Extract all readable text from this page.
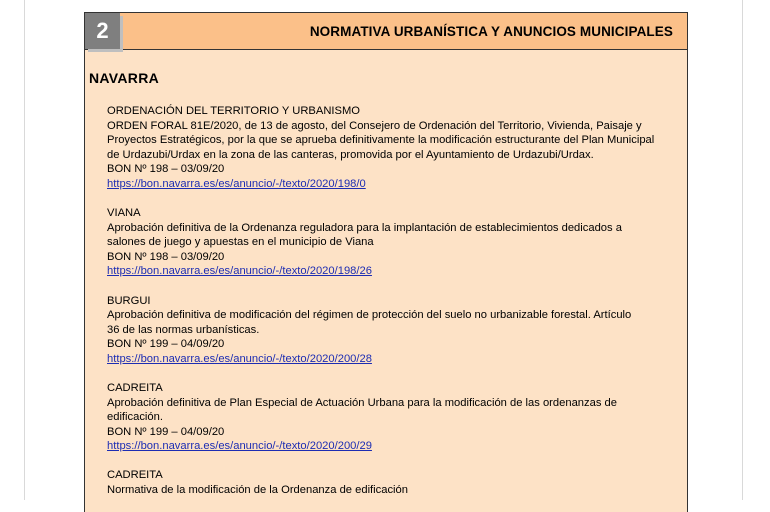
2	NORMATIVA URBANÍSTICA Y ANUNCIOS MUNICIPALES
NAVARRA
ORDENACIÓN DEL TERRITORIO Y URBANISMO
ORDEN FORAL 81E/2020, de 13 de agosto, del Consejero de Ordenación del Territorio, Vivienda, Paisaje y
Proyectos Estratégicos, por la que se aprueba definitivamente la modificación estructurante del Plan Municipal
de Urdazubi/Urdax en la zona de las canteras, promovida por el Ayuntamiento de Urdazubi/Urdax.
BON Nº 198 – 03/09/20
https://bon.navarra.es/es/anuncio/-/texto/2020/198/0
VIANA
Aprobación definitiva de la Ordenanza reguladora para la implantación de establecimientos dedicados a
salones de juego y apuestas en el municipio de Viana
BON Nº 198 – 03/09/20
https://bon.navarra.es/es/anuncio/-/texto/2020/198/26
BURGUI
Aprobación definitiva de modificación del régimen de protección del suelo no urbanizable forestal. Artículo
36 de las normas urbanísticas.
BON Nº 199 – 04/09/20
https://bon.navarra.es/es/anuncio/-/texto/2020/200/28
CADREITA
Aprobación definitiva de Plan Especial de Actuación Urbana para la modificación de las ordenanzas de
edificación.
BON Nº 199 – 04/09/20
https://bon.navarra.es/es/anuncio/-/texto/2020/200/29
CADREITA
Normativa de la modificación de la Ordenanza de edificación
